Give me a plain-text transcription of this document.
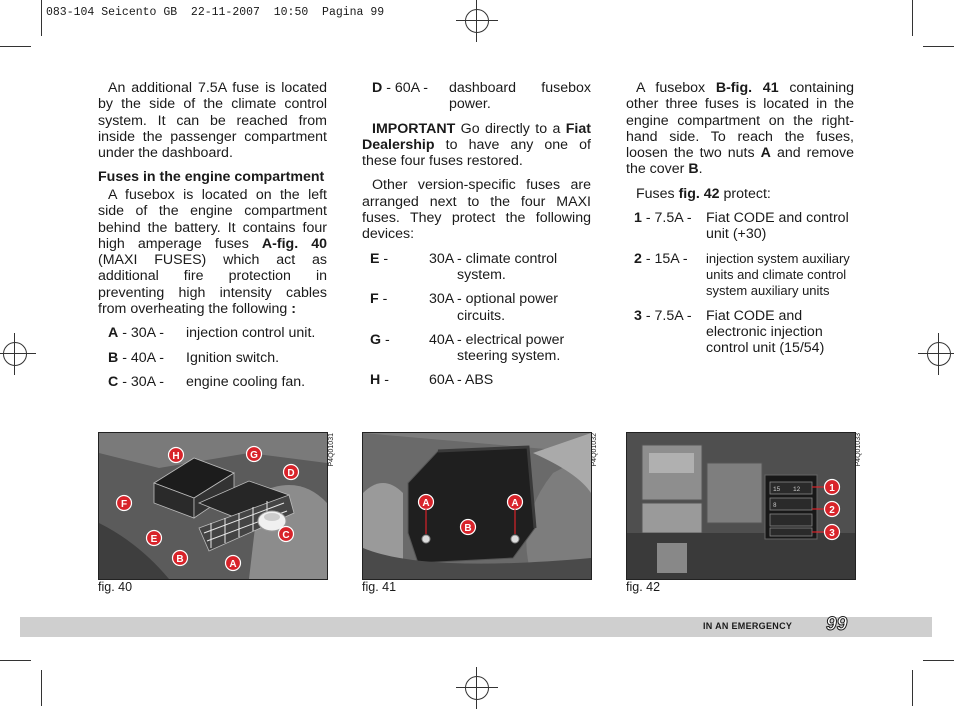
083-104 Seicento GB  22-11-2007  10:50  Pagina 99

An additional 7.5A fuse is located by the side of the climate control system. It can be reached from inside the passenger compartment under the dashboard.

Fuses in the engine compartment

A fusebox is located on the left side of the engine compartment behind the battery. It contains four high amperage fuses A-fig. 40 (MAXI FUSES) which act as additional fire protection in preventing high intensity cables from overheating the following :

A - 30A -	injection control unit.
B - 40A -	Ignition switch.
C - 30A -	engine cooling fan.
D - 60A -	dashboard fusebox power.

IMPORTANT Go directly to a Fiat Dealership to have any one of these four fuses restored.

Other version-specific fuses are arranged next to the four MAXI fuses. They protect the following devices:

E -	30A - climate control system.
F -	30A - optional power circuits.
G -	40A - electrical power steering system.
H -	60A - ABS

A fusebox B-fig. 41 containing other three fuses is located in the engine compartment on the right-hand side. To reach the fuses, loosen the two nuts A and remove the cover B.

Fuses fig. 42 protect:

1 - 7.5A -	Fiat CODE and control unit (+30)
2 - 15A -	injection system auxiliary units and climate control system auxiliary units
3 - 7.5A -	Fiat CODE and electronic injection control unit (15/54)
H	G
D
F
E	C
B	A
P4Q01031
fig. 40
A	A
B
P4Q01032
fig. 41
15 12
8
1
2
3
P4Q01033
fig. 42
IN AN EMERGENCY 99
